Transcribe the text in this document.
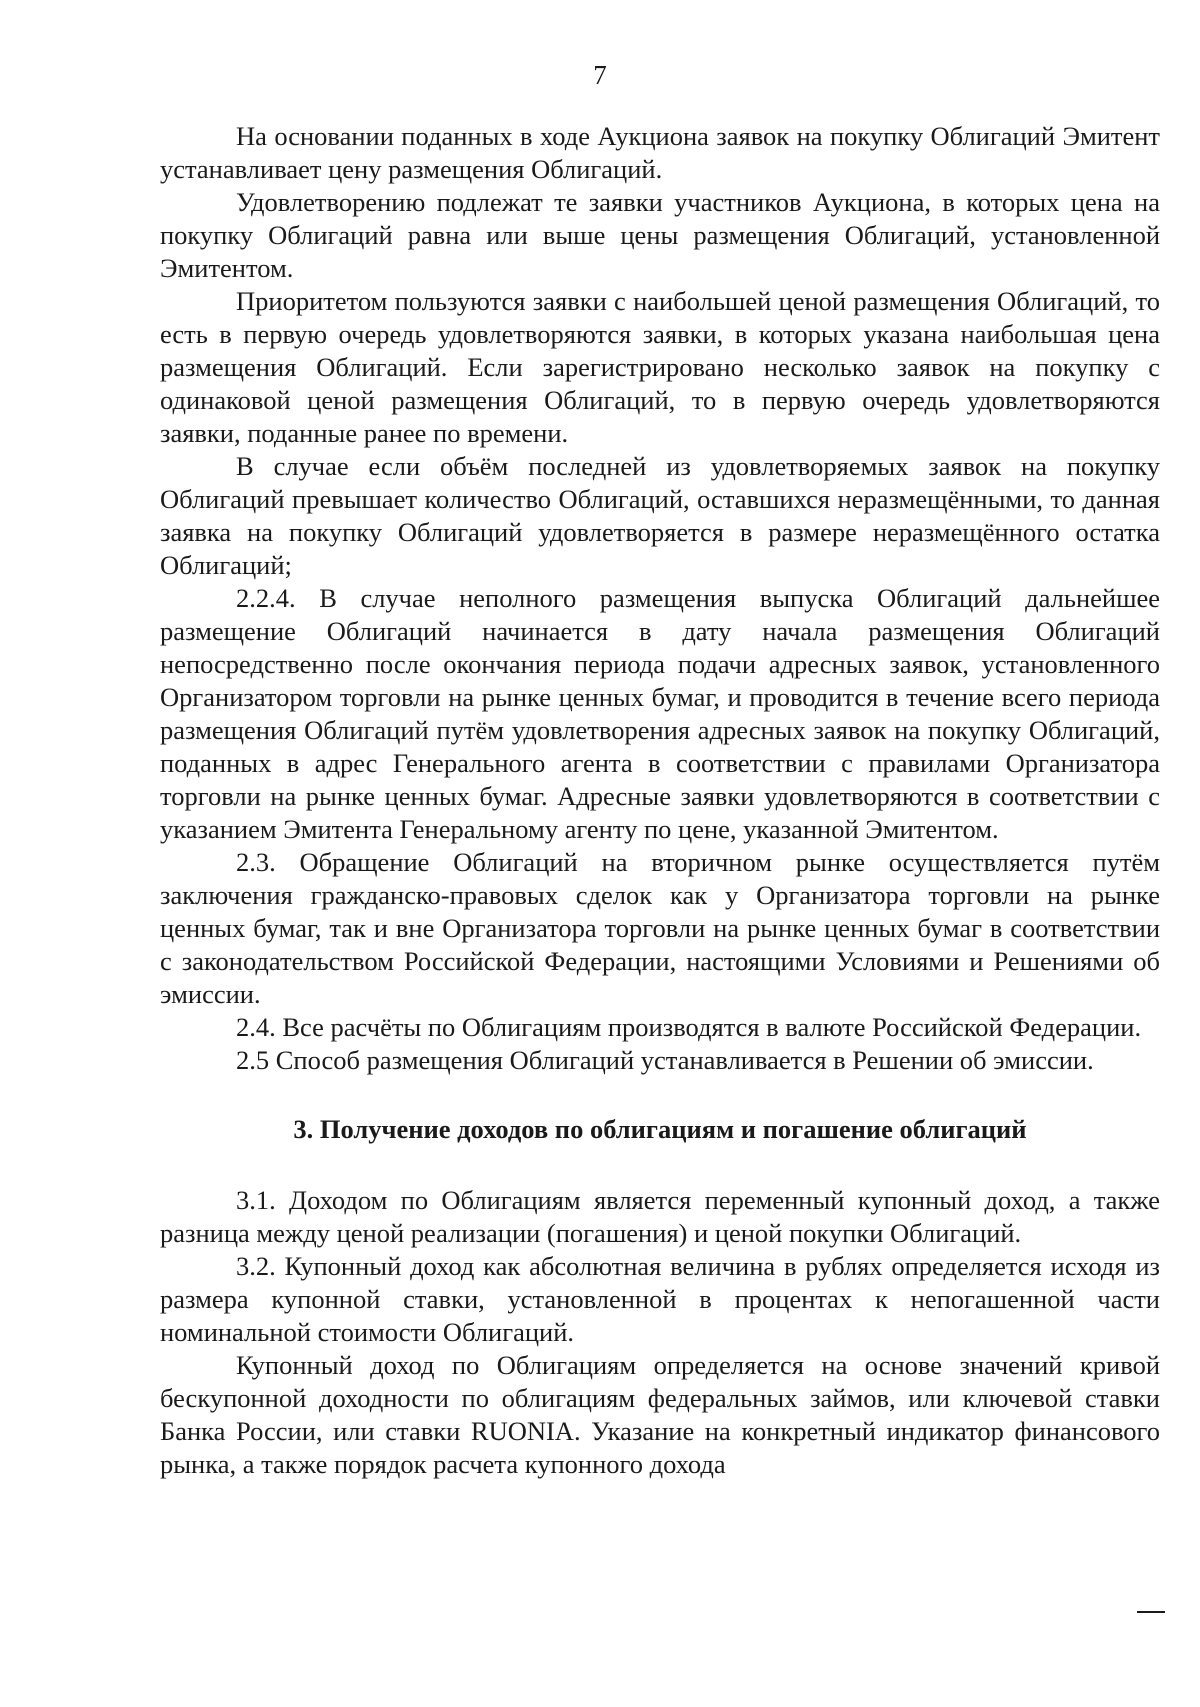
7

На основании поданных в ходе Аукциона заявок на покупку Облигаций Эмитент устанавливает цену размещения Облигаций.

Удовлетворению подлежат те заявки участников Аукциона, в которых цена на покупку Облигаций равна или выше цены размещения Облигаций, установленной Эмитентом.

Приоритетом пользуются заявки с наибольшей ценой размещения Облигаций, то есть в первую очередь удовлетворяются заявки, в которых указана наибольшая цена размещения Облигаций. Если зарегистрировано несколько заявок на покупку с одинаковой ценой размещения Облигаций, то в первую очередь удовлетворяются заявки, поданные ранее по времени.

В случае если объём последней из удовлетворяемых заявок на покупку Облигаций превышает количество Облигаций, оставшихся неразмещёнными, то данная заявка на покупку Облигаций удовлетворяется в размере неразмещённого остатка Облигаций;

2.2.4. В случае неполного размещения выпуска Облигаций дальнейшее размещение Облигаций начинается в дату начала размещения Облигаций непосредственно после окончания периода подачи адресных заявок, установленного Организатором торговли на рынке ценных бумаг, и проводится в течение всего периода размещения Облигаций путём удовлетворения адресных заявок на покупку Облигаций, поданных в адрес Генерального агента в соответствии с правилами Организатора торговли на рынке ценных бумаг. Адресные заявки удовлетворяются в соответствии с указанием Эмитента Генеральному агенту по цене, указанной Эмитентом.

2.3. Обращение Облигаций на вторичном рынке осуществляется путём заключения гражданско-правовых сделок как у Организатора торговли на рынке ценных бумаг, так и вне Организатора торговли на рынке ценных бумаг в соответствии с законодательством Российской Федерации, настоящими Условиями и Решениями об эмиссии.

2.4. Все расчёты по Облигациям производятся в валюте Российской Федерации.

2.5 Способ размещения Облигаций устанавливается в Решении об эмиссии.

3. Получение доходов по облигациям и погашение облигаций

3.1. Доходом по Облигациям является переменный купонный доход, а также разница между ценой реализации (погашения) и ценой покупки Облигаций.

3.2. Купонный доход как абсолютная величина в рублях определяется исходя из размера купонной ставки, установленной в процентах к непогашенной части номинальной стоимости Облигаций.

Купонный доход по Облигациям определяется на основе значений кривой бескупонной доходности по облигациям федеральных займов, или ключевой ставки Банка России, или ставки RUONIA. Указание на конкретный индикатор финансового рынка, а также порядок расчета купонного дохода
